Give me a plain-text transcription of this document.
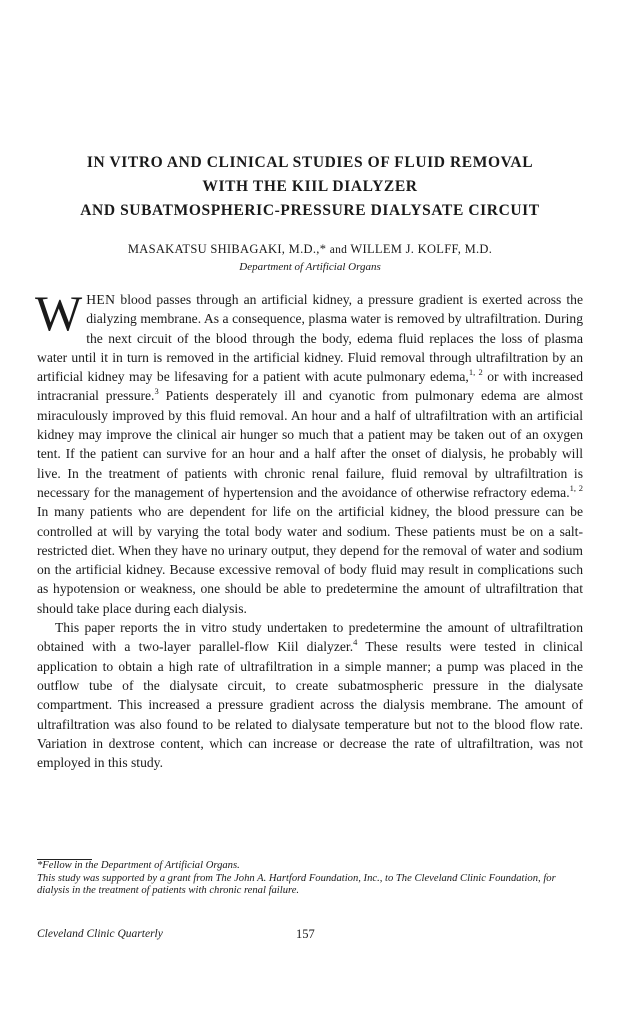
IN VITRO AND CLINICAL STUDIES OF FLUID REMOVAL
WITH THE KIIL DIALYZER
AND SUBATMOSPHERIC-PRESSURE DIALYSATE CIRCUIT
MASAKATSU SHIBAGAKI, M.D.,* and WILLEM J. KOLFF, M.D.
Department of Artificial Organs

WHEN blood passes through an artificial kidney, a pressure gradient is exerted across the dialyzing membrane. As a consequence, plasma water is removed by ultrafiltration. During the next circuit of the blood through the body, edema fluid replaces the loss of plasma water until it in turn is removed in the artificial kidney. Fluid removal through ultrafiltration by an artificial kidney may be lifesaving for a patient with acute pulmonary edema,$^{1, 2}$ or with increased intracranial pressure.$^3$ Patients desperately ill and cyanotic from pulmonary edema are almost miraculously improved by this fluid removal. An hour and a half of ultrafiltration with an artificial kidney may improve the clinical air hunger so much that a patient may be taken out of an oxygen tent. If the patient can survive for an hour and a half after the onset of dialysis, he probably will live. In the treatment of patients with chronic renal failure, fluid removal by ultrafiltration is necessary for the management of hypertension and the avoidance of otherwise refractory edema.$^{1, 2}$ In many patients who are dependent for life on the artificial kidney, the blood pressure can be controlled at will by varying the total body water and sodium. These patients must be on a salt-restricted diet. When they have no urinary output, they depend for the removal of water and sodium on the artificial kidney. Because excessive removal of body fluid may result in complications such as hypotension or weakness, one should be able to predetermine the amount of ultrafiltration that should take place during each dialysis.

This paper reports the in vitro study undertaken to predetermine the amount of ultrafiltration obtained with a two-layer parallel-flow Kiil dialyzer.$^4$ These results were tested in clinical application to obtain a high rate of ultrafiltration in a simple manner; a pump was placed in the outflow tube of the dialysate circuit, to create subatmospheric pressure in the dialysate compartment. This increased a pressure gradient across the dialysis membrane. The amount of ultrafiltration was also found to be related to dialysate temperature but not to the blood flow rate. Variation in dextrose content, which can increase or decrease the rate of ultrafiltration, was not employed in this study.

*Fellow in the Department of Artificial Organs.

This study was supported by a grant from The John A. Hartford Foundation, Inc., to The Cleveland Clinic Foundation, for dialysis in the treatment of patients with chronic renal failure.

Cleveland Clinic Quarterly	157
